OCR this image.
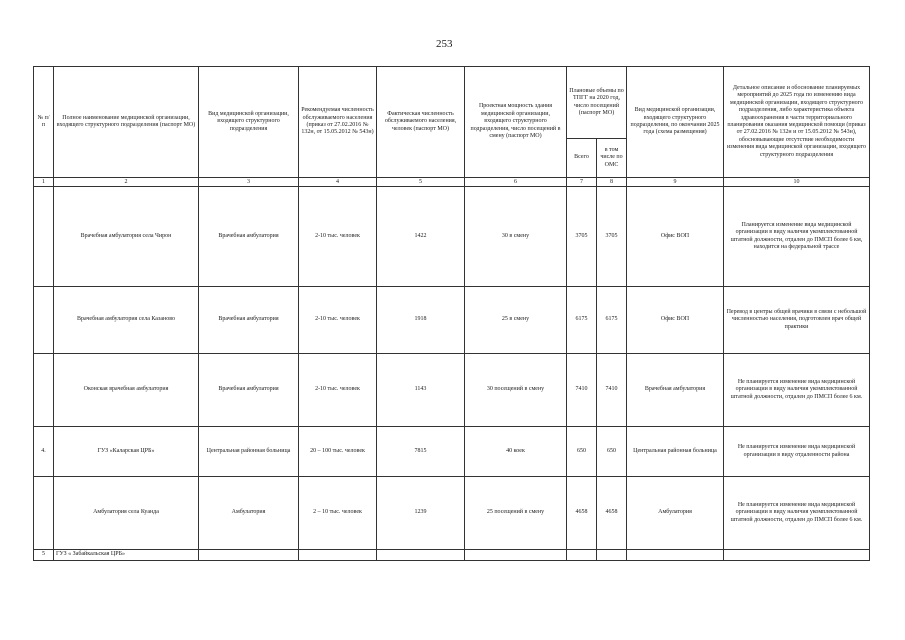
253
№ п/п	Полное наименование медицинской организации, входящего структурного подразделения (паспорт МО)	Вид медицинской организации, входящего структурного подразделения	Рекомендуемая численность обслуживаемого населения (приказ от 27.02.2016 № 132н, от 15.05.2012 № 543н)	Фактическая численность обслуживаемого населения, человек (паспорт МО)	Проектная мощность здания медицинской организации, входящего структурного подразделения, число посещений в смену (паспорт МО)	Плановые объемы по ТПГГ на 2020 год, число посещений (паспорт МО)		Вид медицинской организации, входящего структурного подразделения, по окончании 2025 года (схема размещения)	Детальное описание и обоснование планируемых мероприятий до 2025 года по изменению вида медицинской организации, входящего структурного подразделения, либо характеристика объекта здравоохранения в части территориального планирования оказания медицинской помощи (приказ от 27.02.2016 № 132н и от 15.05.2012 № 543н), обосновывающие отсутствие необходимости изменения вида медицинской организации, входящего структурного подразделения
						Всего	в том числе по ОМС		
1	2	3	4	5	6	7	8	9	10
	Врачебная амбулатория села Чирон	Врачебная амбулатория	2-10 тыс. человек	1422	30 в смену	3705	3705	Офис ВОП	Планируется изменение вида медицинской организации в виду наличия укомплектованной штатной должности, отдален до ПМСП более 6 км, находится на федеральной трассе
	Врачебная амбулатория села Казаново	Врачебная амбулатория	2-10 тыс. человек	1918	25 в смену	6175	6175	Офис ВОП	Перевод в центры общей врачики в связи с небольшой численностью населения, подготовлен врач общей практики
	Оконская врачебная амбулатория	Врачебная амбулатория	2-10 тыс. человек	1143	30 посещений в смену	7410	7410	Врачебная амбулатория	Не планируется изменение вида медицинской организации в виду наличия укомплектованной штатной должности, отдален до ПМСП более 6 км.
4.	ГУЗ «Каларская ЦРБ»	Центральная районная больница	20 – 100 тыс. человек	7815	40 коек	650	650	Центральная районная больница	Не планируется изменение вида медицинской организации в виду отдаленности района
	Амбулатория села Куанда	Амбулатория	2 – 10 тыс. человек	1239	25 посещений в смену	4658	4658	Амбулатория	Не планируется изменение вида медицинской организации в виду наличия укомплектованной штатной должности, отдален до ПМСП более 6 км.
5	ГУЗ « Забайкальская ЦРБ»								
